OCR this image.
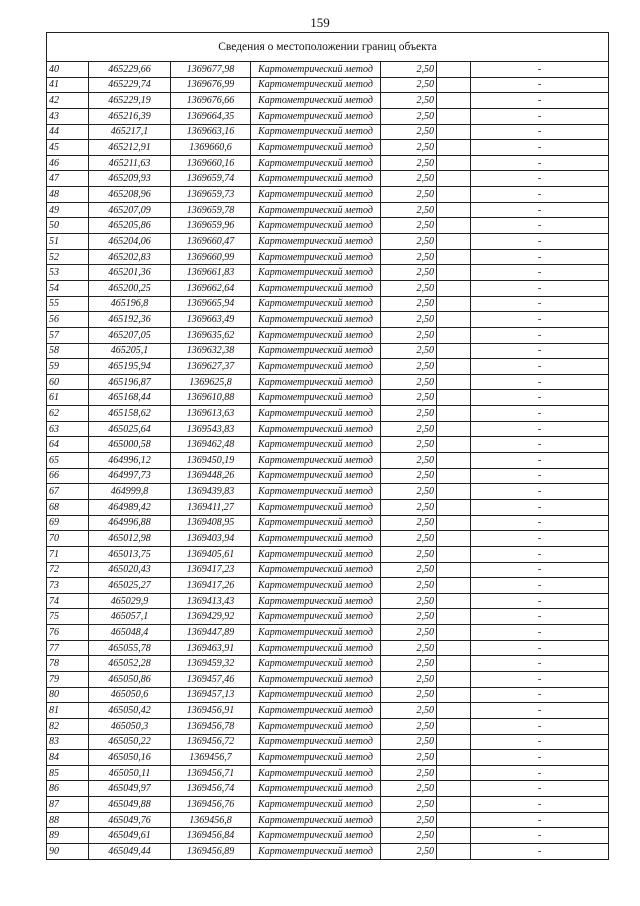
159
Сведения о местоположении границ объекта						
40	465229,66	1369677,98	Картометрический метод	2,50		-
41	465229,74	1369676,99	Картометрический метод	2,50		-
42	465229,19	1369676,66	Картометрический метод	2,50		-
43	465216,39	1369664,35	Картометрический метод	2,50		-
44	465217,1	1369663,16	Картометрический метод	2,50		-
45	465212,91	1369660,6	Картометрический метод	2,50		-
46	465211,63	1369660,16	Картометрический метод	2,50		-
47	465209,93	1369659,74	Картометрический метод	2,50		-
48	465208,96	1369659,73	Картометрический метод	2,50		-
49	465207,09	1369659,78	Картометрический метод	2,50		-
50	465205,86	1369659,96	Картометрический метод	2,50		-
51	465204,06	1369660,47	Картометрический метод	2,50		-
52	465202,83	1369660,99	Картометрический метод	2,50		-
53	465201,36	1369661,83	Картометрический метод	2,50		-
54	465200,25	1369662,64	Картометрический метод	2,50		-
55	465196,8	1369665,94	Картометрический метод	2,50		-
56	465192,36	1369663,49	Картометрический метод	2,50		-
57	465207,05	1369635,62	Картометрический метод	2,50		-
58	465205,1	1369632,38	Картометрический метод	2,50		-
59	465195,94	1369627,37	Картометрический метод	2,50		-
60	465196,87	1369625,8	Картометрический метод	2,50		-
61	465168,44	1369610,88	Картометрический метод	2,50		-
62	465158,62	1369613,63	Картометрический метод	2,50		-
63	465025,64	1369543,83	Картометрический метод	2,50		-
64	465000,58	1369462,48	Картометрический метод	2,50		-
65	464996,12	1369450,19	Картометрический метод	2,50		-
66	464997,73	1369448,26	Картометрический метод	2,50		-
67	464999,8	1369439,83	Картометрический метод	2,50		-
68	464989,42	1369411,27	Картометрический метод	2,50		-
69	464996,88	1369408,95	Картометрический метод	2,50		-
70	465012,98	1369403,94	Картометрический метод	2,50		-
71	465013,75	1369405,61	Картометрический метод	2,50		-
72	465020,43	1369417,23	Картометрический метод	2,50		-
73	465025,27	1369417,26	Картометрический метод	2,50		-
74	465029,9	1369413,43	Картометрический метод	2,50		-
75	465057,1	1369429,92	Картометрический метод	2,50		-
76	465048,4	1369447,89	Картометрический метод	2,50		-
77	465055,78	1369463,91	Картометрический метод	2,50		-
78	465052,28	1369459,32	Картометрический метод	2,50		-
79	465050,86	1369457,46	Картометрический метод	2,50		-
80	465050,6	1369457,13	Картометрический метод	2,50		-
81	465050,42	1369456,91	Картометрический метод	2,50		-
82	465050,3	1369456,78	Картометрический метод	2,50		-
83	465050,22	1369456,72	Картометрический метод	2,50		-
84	465050,16	1369456,7	Картометрический метод	2,50		-
85	465050,11	1369456,71	Картометрический метод	2,50		-
86	465049,97	1369456,74	Картометрический метод	2,50		-
87	465049,88	1369456,76	Картометрический метод	2,50		-
88	465049,76	1369456,8	Картометрический метод	2,50		-
89	465049,61	1369456,84	Картометрический метод	2,50		-
90	465049,44	1369456,89	Картометрический метод	2,50		-
